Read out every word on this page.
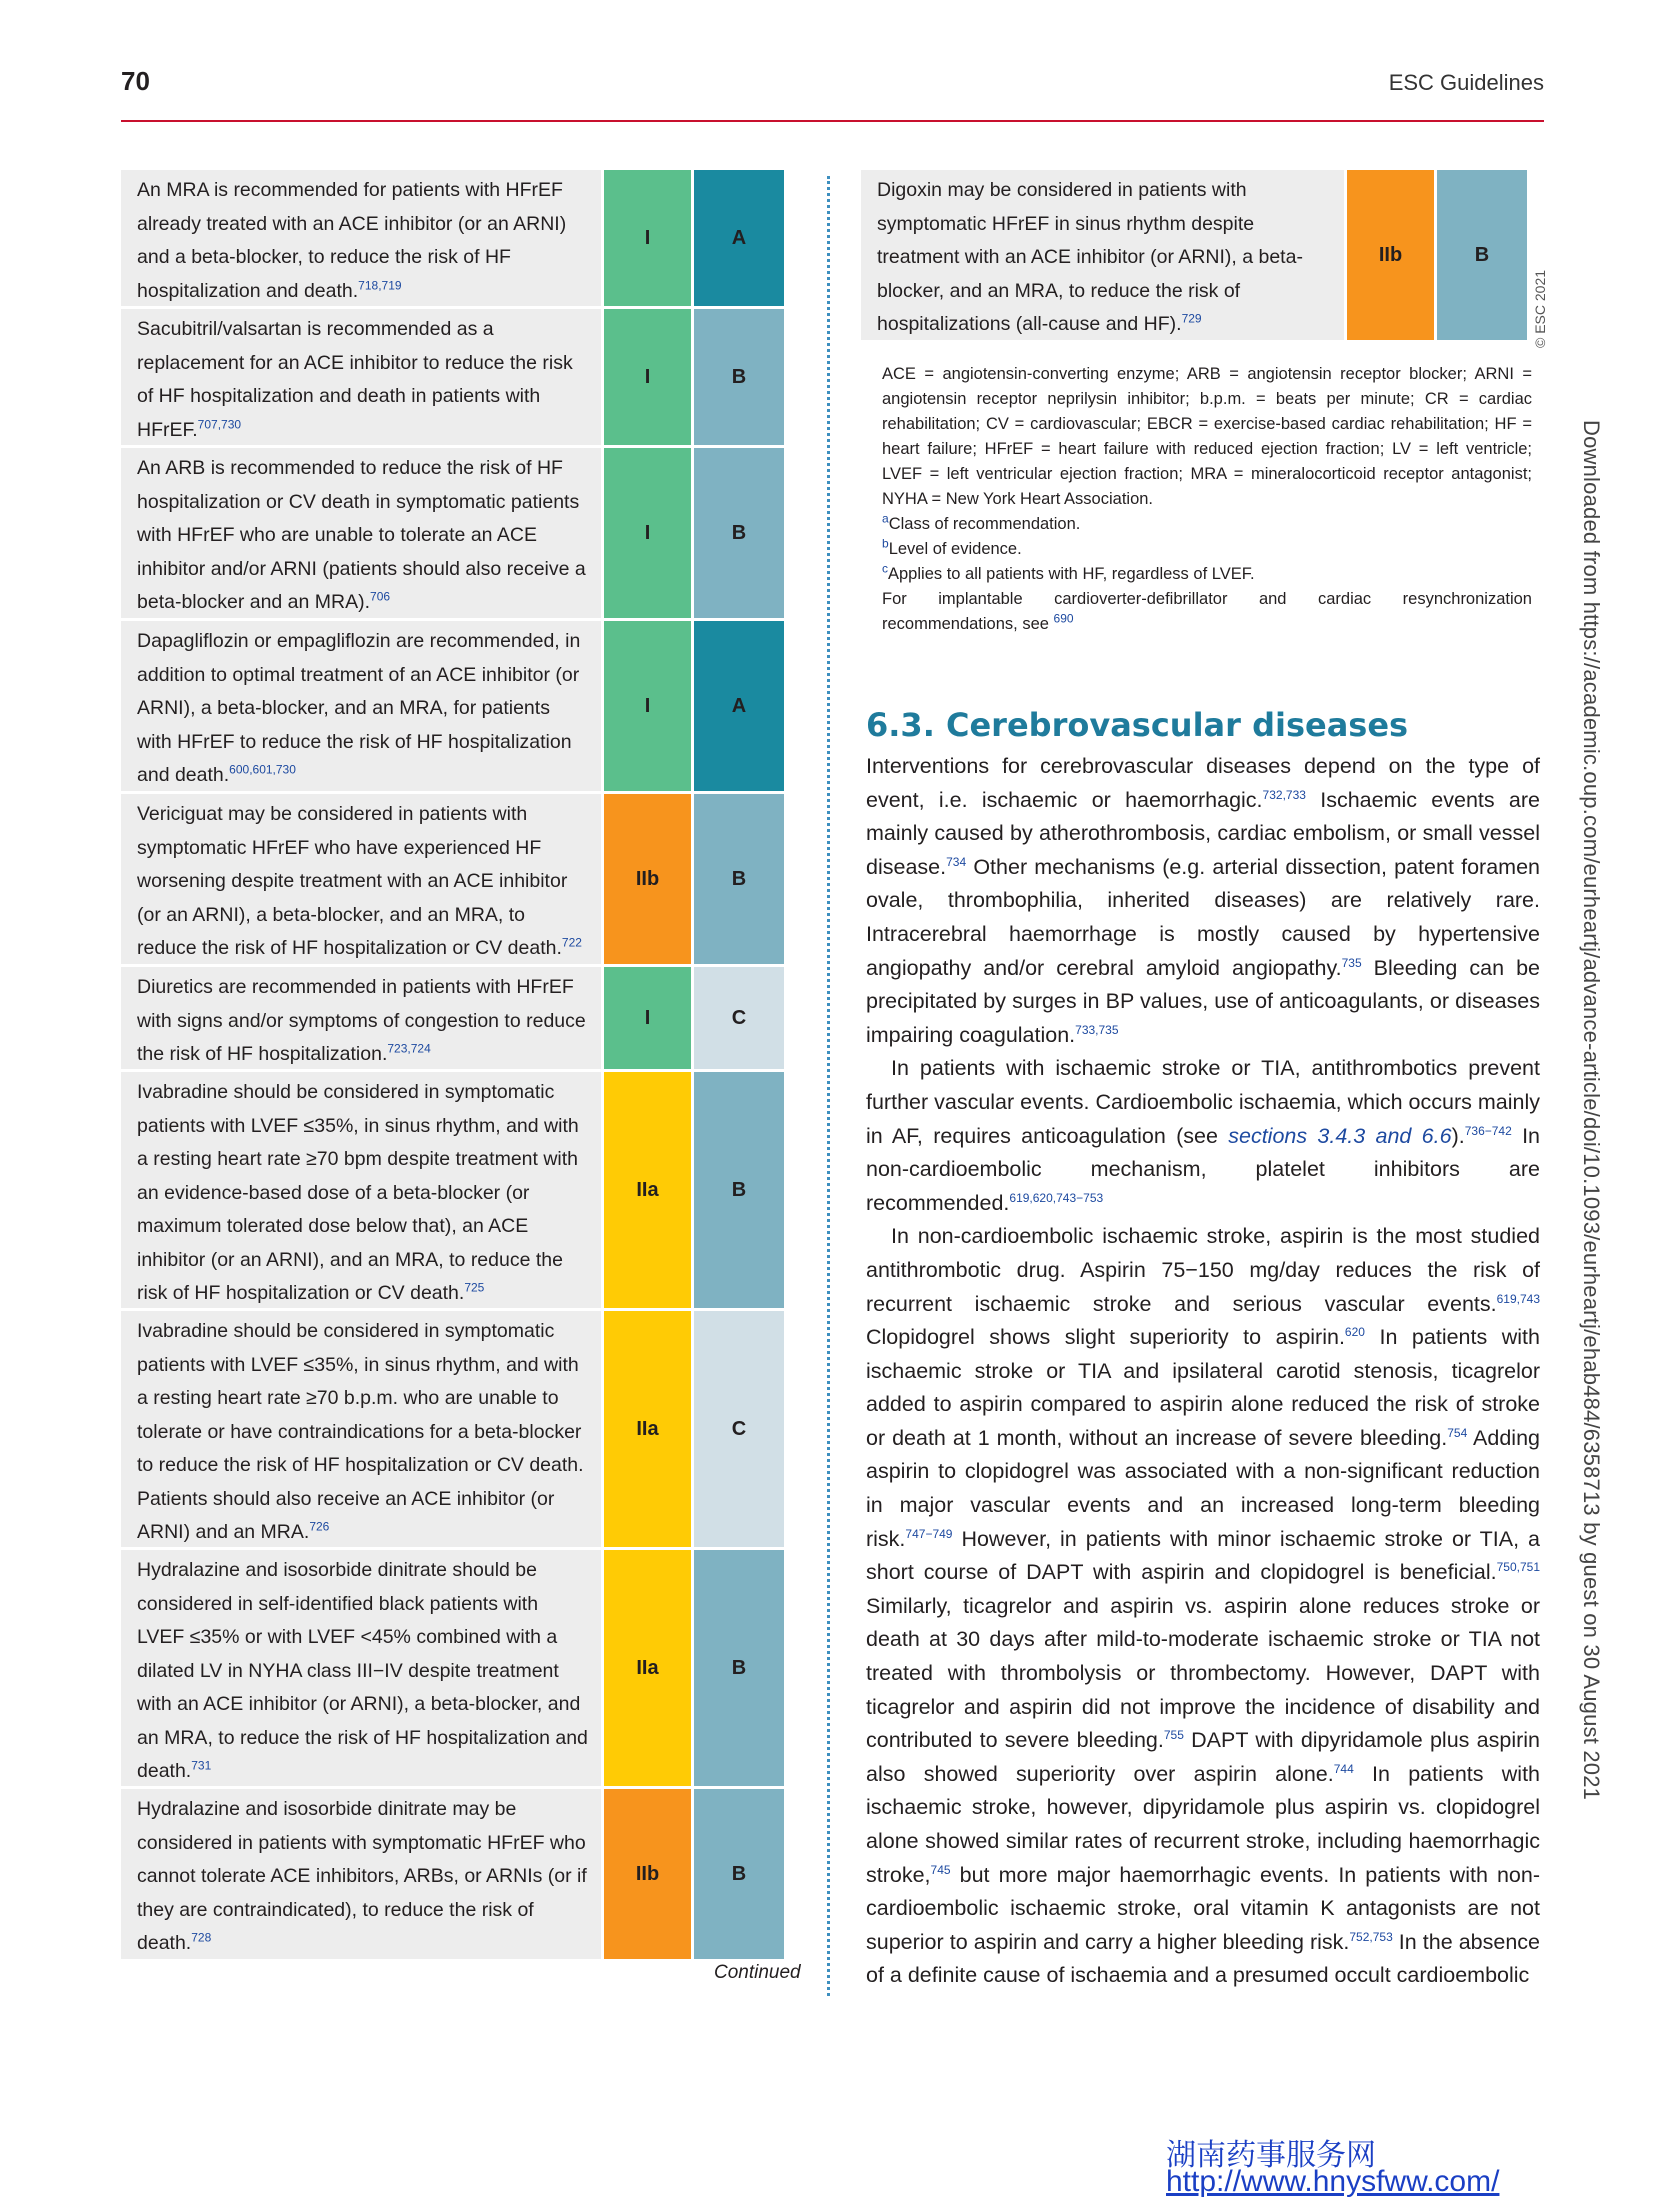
70	ESC Guidelines
An MRA is recommended for patients with HFrEF already treated with an ACE inhibitor (or an ARNI) and a beta-blocker, to reduce the risk of HF hospitalization and death.$^{718,719}$
I	A
Sacubitril/valsartan is recommended as a replacement for an ACE inhibitor to reduce the risk of HF hospitalization and death in patients with HFrEF.$^{707,730}$
I	B
An ARB is recommended to reduce the risk of HF hospitalization or CV death in symptomatic patients with HFrEF who are unable to tolerate an ACE inhibitor and/or ARNI (patients should also receive a beta-blocker and an MRA).$^{706}$
I	B
Dapagliflozin or empagliflozin are recommended, in addition to optimal treatment of an ACE inhibitor (or ARNI), a beta-blocker, and an MRA, for patients with HFrEF to reduce the risk of HF hospitalization and death.$^{600,601,730}$
I	A
Vericiguat may be considered in patients with symptomatic HFrEF who have experienced HF worsening despite treatment with an ACE inhibitor (or an ARNI), a beta-blocker, and an MRA, to reduce the risk of HF hospitalization or CV death.$^{722}$
IIb	B
Diuretics are recommended in patients with HFrEF with signs and/or symptoms of congestion to reduce the risk of HF hospitalization.$^{723,724}$
I	C
Ivabradine should be considered in symptomatic patients with LVEF ≤35%, in sinus rhythm, and with a resting heart rate ≥70 bpm despite treatment with an evidence-based dose of a beta-blocker (or maximum tolerated dose below that), an ACE inhibitor (or an ARNI), and an MRA, to reduce the risk of HF hospitalization or CV death.$^{725}$
IIa	B
Ivabradine should be considered in symptomatic patients with LVEF ≤35%, in sinus rhythm, and with a resting heart rate ≥70 b.p.m. who are unable to tolerate or have contraindications for a beta-blocker to reduce the risk of HF hospitalization or CV death. Patients should also receive an ACE inhibitor (or ARNI) and an MRA.$^{726}$
IIa	C
Hydralazine and isosorbide dinitrate should be considered in self-identified black patients with LVEF ≤35% or with LVEF <45% combined with a dilated LV in NYHA class III−IV despite treatment with an ACE inhibitor (or ARNI), a beta-blocker, and an MRA, to reduce the risk of HF hospitalization and death.$^{731}$
IIa	B
Hydralazine and isosorbide dinitrate may be considered in patients with symptomatic HFrEF who cannot tolerate ACE inhibitors, ARBs, or ARNIs (or if they are contraindicated), to reduce the risk of death.$^{728}$
IIb	B
Continued
Digoxin may be considered in patients with symptomatic HFrEF in sinus rhythm despite treatment with an ACE inhibitor (or ARNI), a beta-blocker, and an MRA, to reduce the risk of hospitalizations (all-cause and HF).$^{729}$
IIb	B
© ESC 2021

ACE = angiotensin-converting enzyme; ARB = angiotensin receptor blocker; ARNI = angiotensin receptor neprilysin inhibitor; b.p.m. = beats per minute; CR = cardiac rehabilitation; CV = cardiovascular; EBCR = exercise-based cardiac rehabilitation; HF = heart failure; HFrEF = heart failure with reduced ejection fraction; LV = left ventricle; LVEF = left ventricular ejection fraction; MRA = mineralocorticoid receptor antagonist; NYHA = New York Heart Association.

$^a$Class of recommendation.

$^b$Level of evidence.

$^c$Applies to all patients with HF, regardless of LVEF.

For implantable cardioverter-defibrillator and cardiac resynchronization recommendations, see $^{690}$

6.3. Cerebrovascular diseases

Interventions for cerebrovascular diseases depend on the type of event, i.e. ischaemic or haemorrhagic.$^{732,733}$ Ischaemic events are mainly caused by atherothrombosis, cardiac embolism, or small vessel disease.$^{734}$ Other mechanisms (e.g. arterial dissection, patent foramen ovale, thrombophilia, inherited diseases) are relatively rare. Intracerebral haemorrhage is mostly caused by hypertensive angiopathy and/or cerebral amyloid angiopathy.$^{735}$ Bleeding can be precipitated by surges in BP values, use of anticoagulants, or diseases impairing coagulation.$^{733,735}$

In patients with ischaemic stroke or TIA, antithrombotics prevent further vascular events. Cardioembolic ischaemia, which occurs mainly in AF, requires anticoagulation (see sections 3.4.3 and 6.6).$^{736-742}$ In non-cardioembolic mechanism, platelet inhibitors are recommended.$^{619,620,743-753}$

In non-cardioembolic ischaemic stroke, aspirin is the most studied antithrombotic drug. Aspirin 75−150 mg/day reduces the risk of recurrent ischaemic stroke and serious vascular events.$^{619,743}$ Clopidogrel shows slight superiority to aspirin.$^{620}$ In patients with ischaemic stroke or TIA and ipsilateral carotid stenosis, ticagrelor added to aspirin compared to aspirin alone reduced the risk of stroke or death at 1 month, without an increase of severe bleeding.$^{754}$ Adding aspirin to clopidogrel was associated with a non-significant reduction in major vascular events and an increased long-term bleeding risk.$^{747-749}$ However, in patients with minor ischaemic stroke or TIA, a short course of DAPT with aspirin and clopidogrel is beneficial.$^{750,751}$ Similarly, ticagrelor and aspirin vs. aspirin alone reduces stroke or death at 30 days after mild-to-moderate ischaemic stroke or TIA not treated with thrombolysis or thrombectomy. However, DAPT with ticagrelor and aspirin did not improve the incidence of disability and contributed to severe bleeding.$^{755}$ DAPT with dipyridamole plus aspirin also showed superiority over aspirin alone.$^{744}$ In patients with ischaemic stroke, however, dipyridamole plus aspirin vs. clopidogrel alone showed similar rates of recurrent stroke, including haemorrhagic stroke,$^{745}$ but more major haemorrhagic events. In patients with non-cardioembolic ischaemic stroke, oral vitamin K antagonists are not superior to aspirin and carry a higher bleeding risk.$^{752,753}$ In the absence of a definite cause of ischaemia and a presumed occult cardioembolic

Downloaded from https://academic.oup.com/eurheartj/advance-article/doi/10.1093/eurheartj/ehab484/6358713 by guest on 30 August 2021
湖南药事服务网
http://www.hnysfww.com/
